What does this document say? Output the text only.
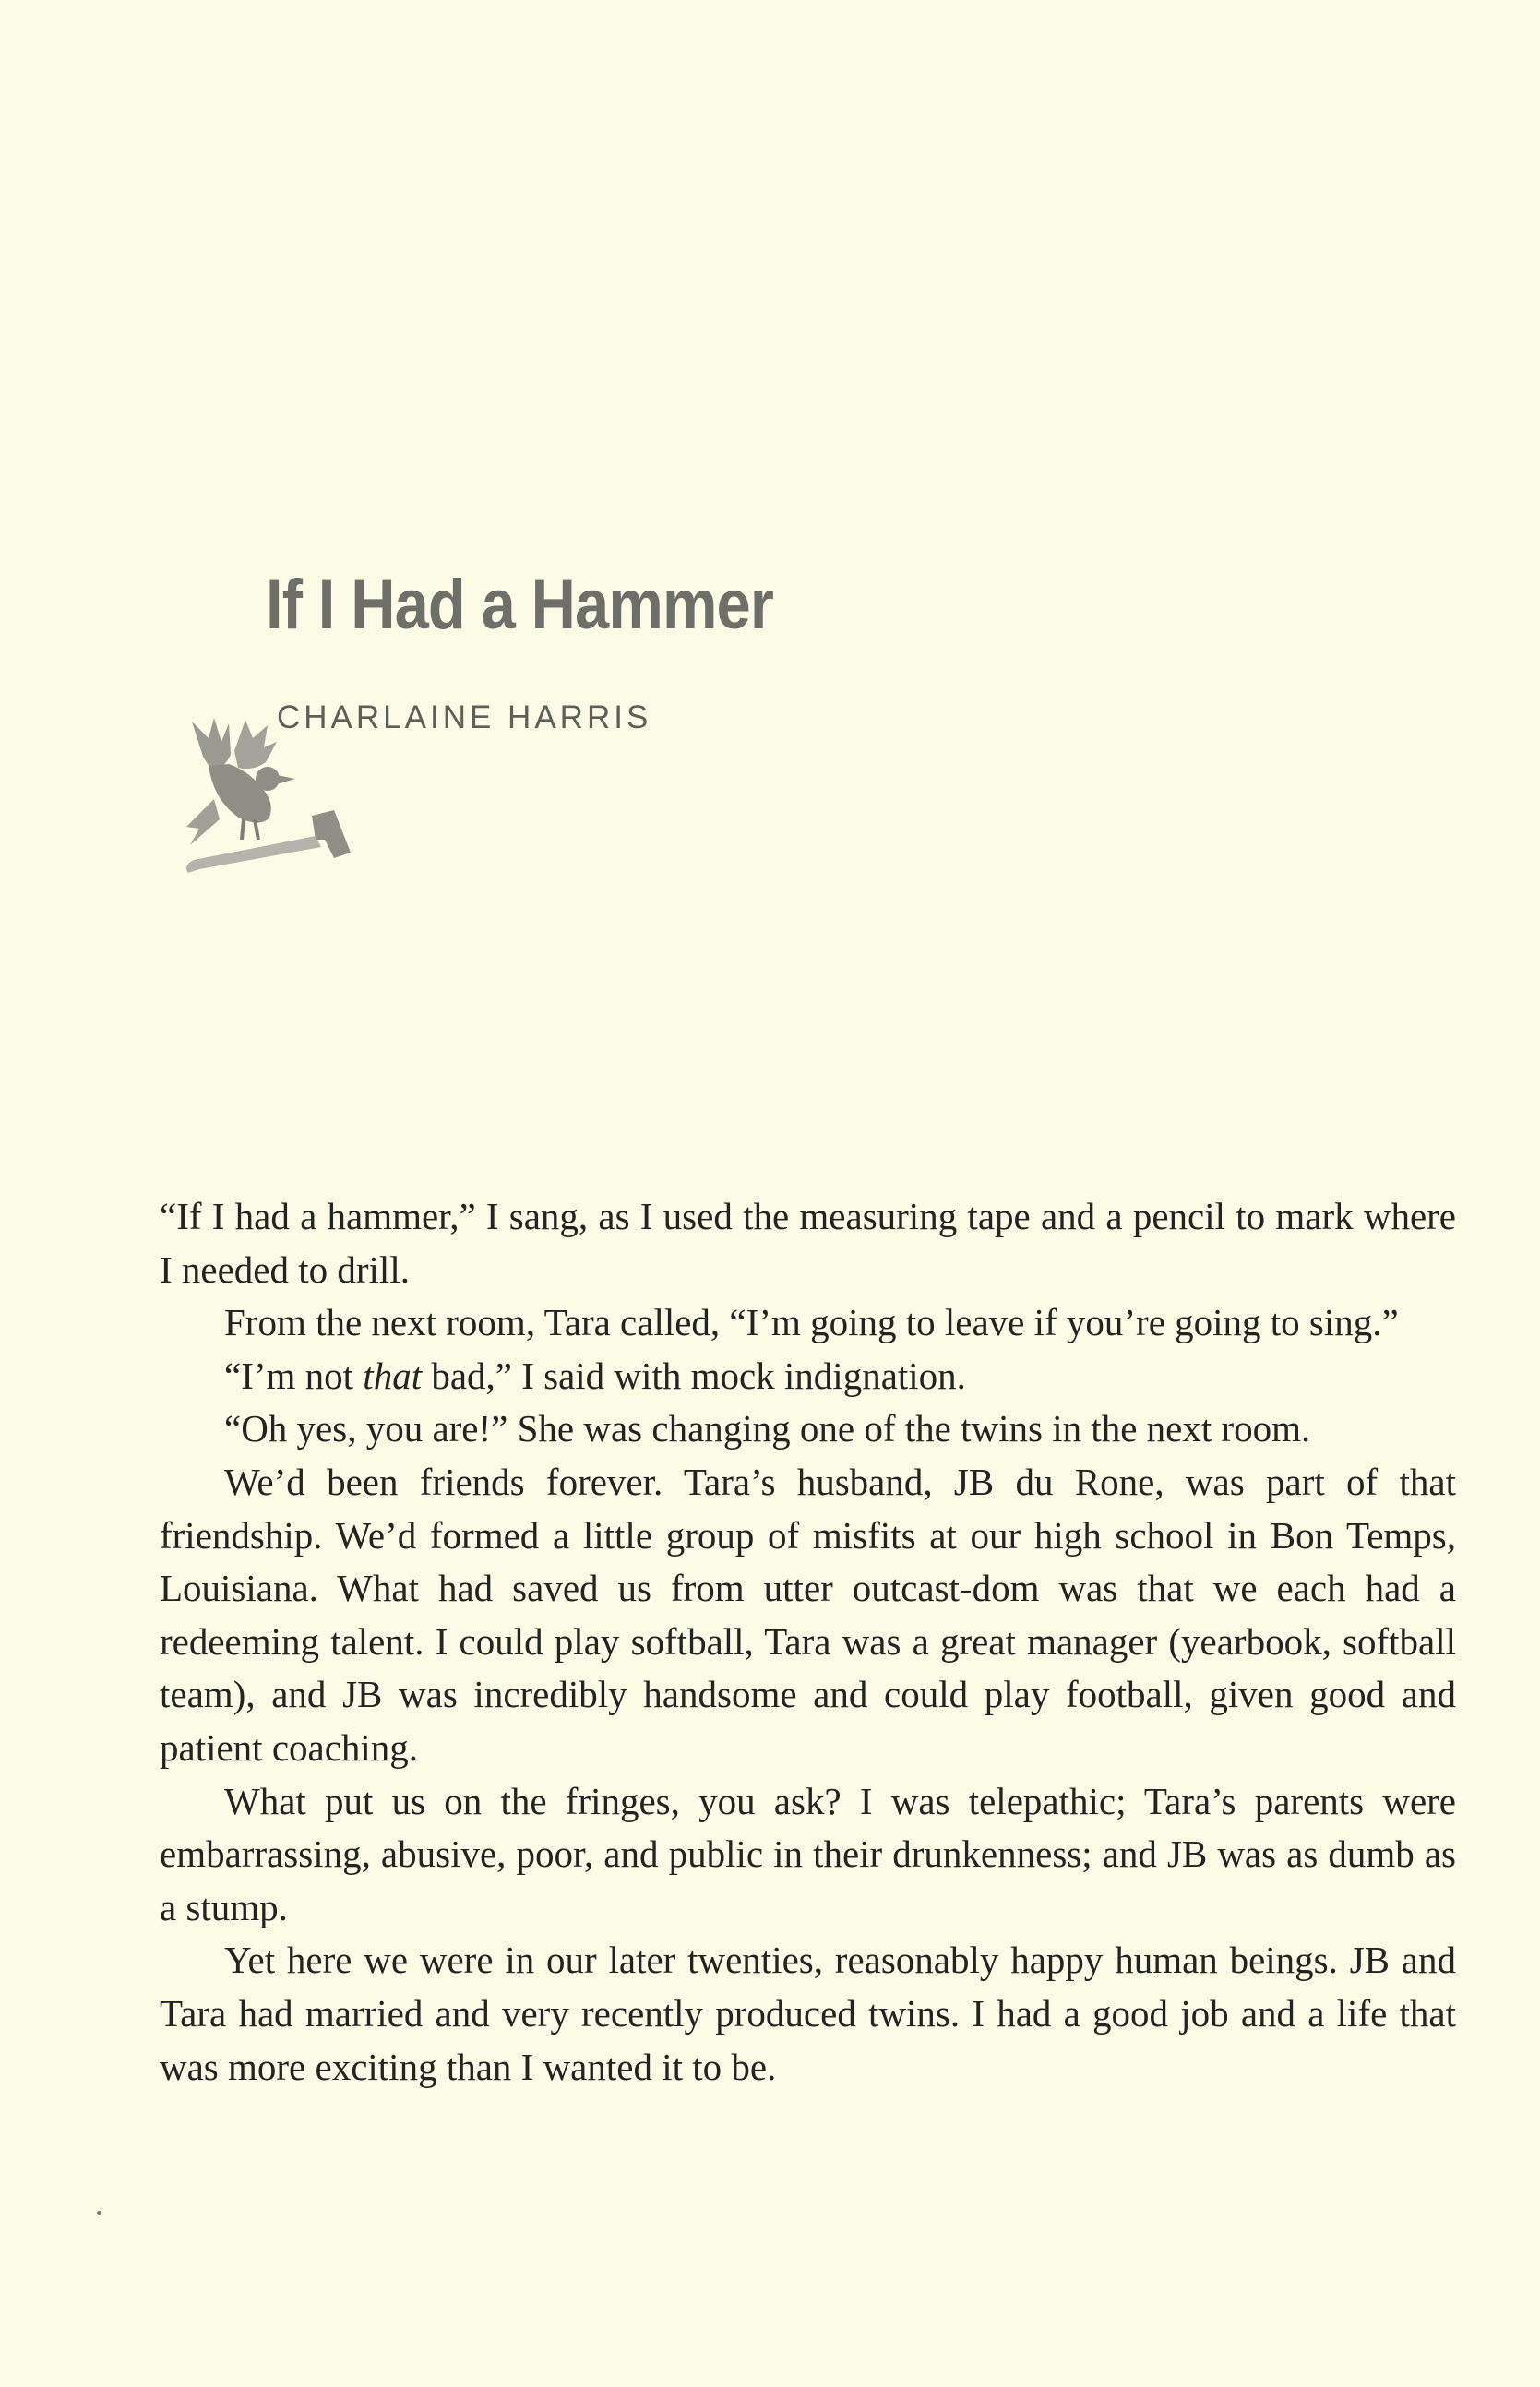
If I Had a Hammer
CHARLAINE HARRIS

“If I had a hammer,” I sang, as I used the measuring tape and a pencil to mark where I needed to drill.

From the next room, Tara called, “I’m going to leave if you’re going to sing.”

“I’m not that bad,” I said with mock indignation.

“Oh yes, you are!” She was changing one of the twins in the next room.

We’d been friends forever. Tara’s husband, JB du Rone, was part of that friendship. We’d formed a little group of misfits at our high school in Bon Temps, Louisiana. What had saved us from utter outcast-dom was that we each had a redeeming talent. I could play softball, Tara was a great manager (yearbook, softball team), and JB was incredibly handsome and could play football, given good and patient coaching.

What put us on the fringes, you ask? I was telepathic; Tara’s parents were embarrassing, abusive, poor, and public in their drunkenness; and JB was as dumb as a stump.

Yet here we were in our later twenties, reasonably happy human beings. JB and Tara had married and very recently produced twins. I had a good job and a life that was more exciting than I wanted it to be.
